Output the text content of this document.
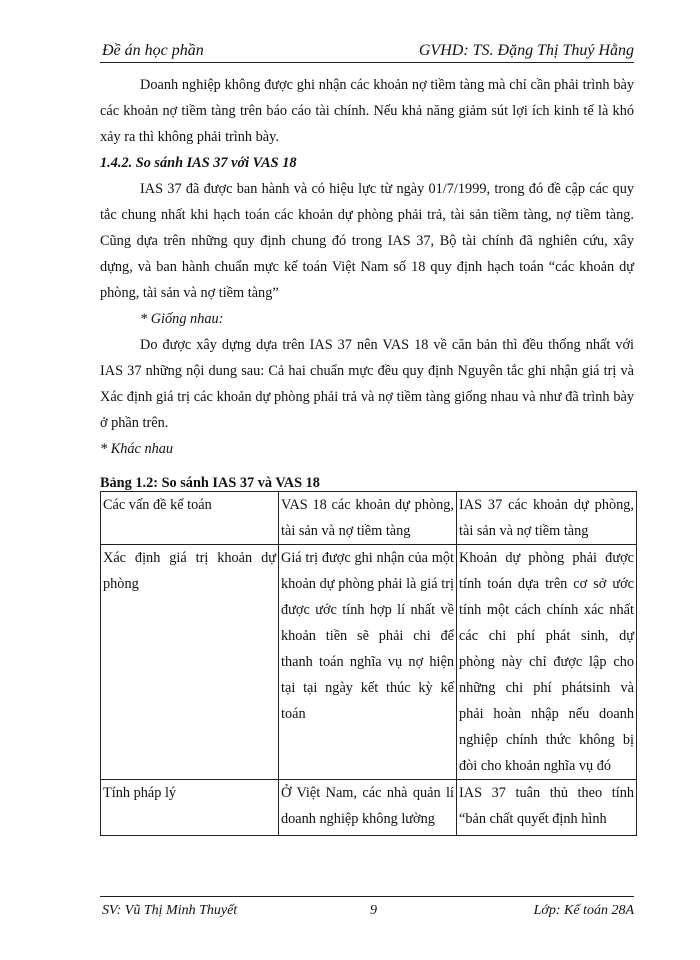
Đề án học phần	GVHD: TS. Đặng Thị Thuý Hằng

Doanh nghiệp không được ghi nhận các khoản nợ tiềm tàng mà chỉ cần phải trình bày các khoản nợ tiềm tàng trên báo cáo tài chính. Nếu khả năng giảm sút lợi ích kinh tế là khó xảy ra thì không phải trình bày.

1.4.2. So sánh IAS 37 với VAS 18

IAS 37 đã được ban hành và có hiệu lực từ ngày 01/7/1999, trong đó đề cập các quy tắc chung nhất khi hạch toán các khoản dự phòng phải trả, tài sản tiềm tàng, nợ tiềm tàng. Cũng dựa trên những quy định chung đó trong IAS 37, Bộ tài chính đã nghiên cứu, xây dựng, và ban hành chuẩn mực kế toán Việt Nam số 18 quy định hạch toán “các khoản dự phòng, tài sản và nợ tiềm tàng”

* Giống nhau:

Do được xây dựng dựa trên IAS 37 nên VAS 18 về căn bản thì đều thống nhất với IAS 37 những nội dung sau: Cả hai chuẩn mực đều quy định Nguyên tắc ghi nhận giá trị và Xác định giá trị các khoản dự phòng phải trả và nợ tiềm tàng giống nhau và như đã trình bày ở phần trên.

* Khác nhau

Bảng 1.2: So sánh IAS 37 và VAS 18

Các vấn đề kế toán	VAS 18 các khoản dự phòng, tài sản và nợ tiềm tàng	IAS 37 các khoản dự phòng, tài sản và nợ tiềm tàng
Xác định giá trị khoản dự phòng	Giá trị được ghi nhận của một khoản dự phòng phải là giá trị được ước tính hợp lí nhất về khoản tiền sẽ phải chi để thanh toán nghĩa vụ nợ hiện tại tại ngày kết thúc kỳ kế toán	Khoản dự phòng phải được tính toán dựa trên cơ sở ước tính một cách chính xác nhất các chi phí phát sinh, dự phòng này chỉ được lập cho những chi phí phátsinh và phải hoàn nhập nếu doanh nghiệp chính thức không bị đòi cho khoản nghĩa vụ đó
Tính pháp lý	Ở Việt Nam, các nhà quản lí doanh nghiệp không lường	IAS 37 tuân thủ theo tính “bản chất quyết định hình
SV: Vũ Thị Minh Thuyết	9	Lớp: Kế toán 28A
